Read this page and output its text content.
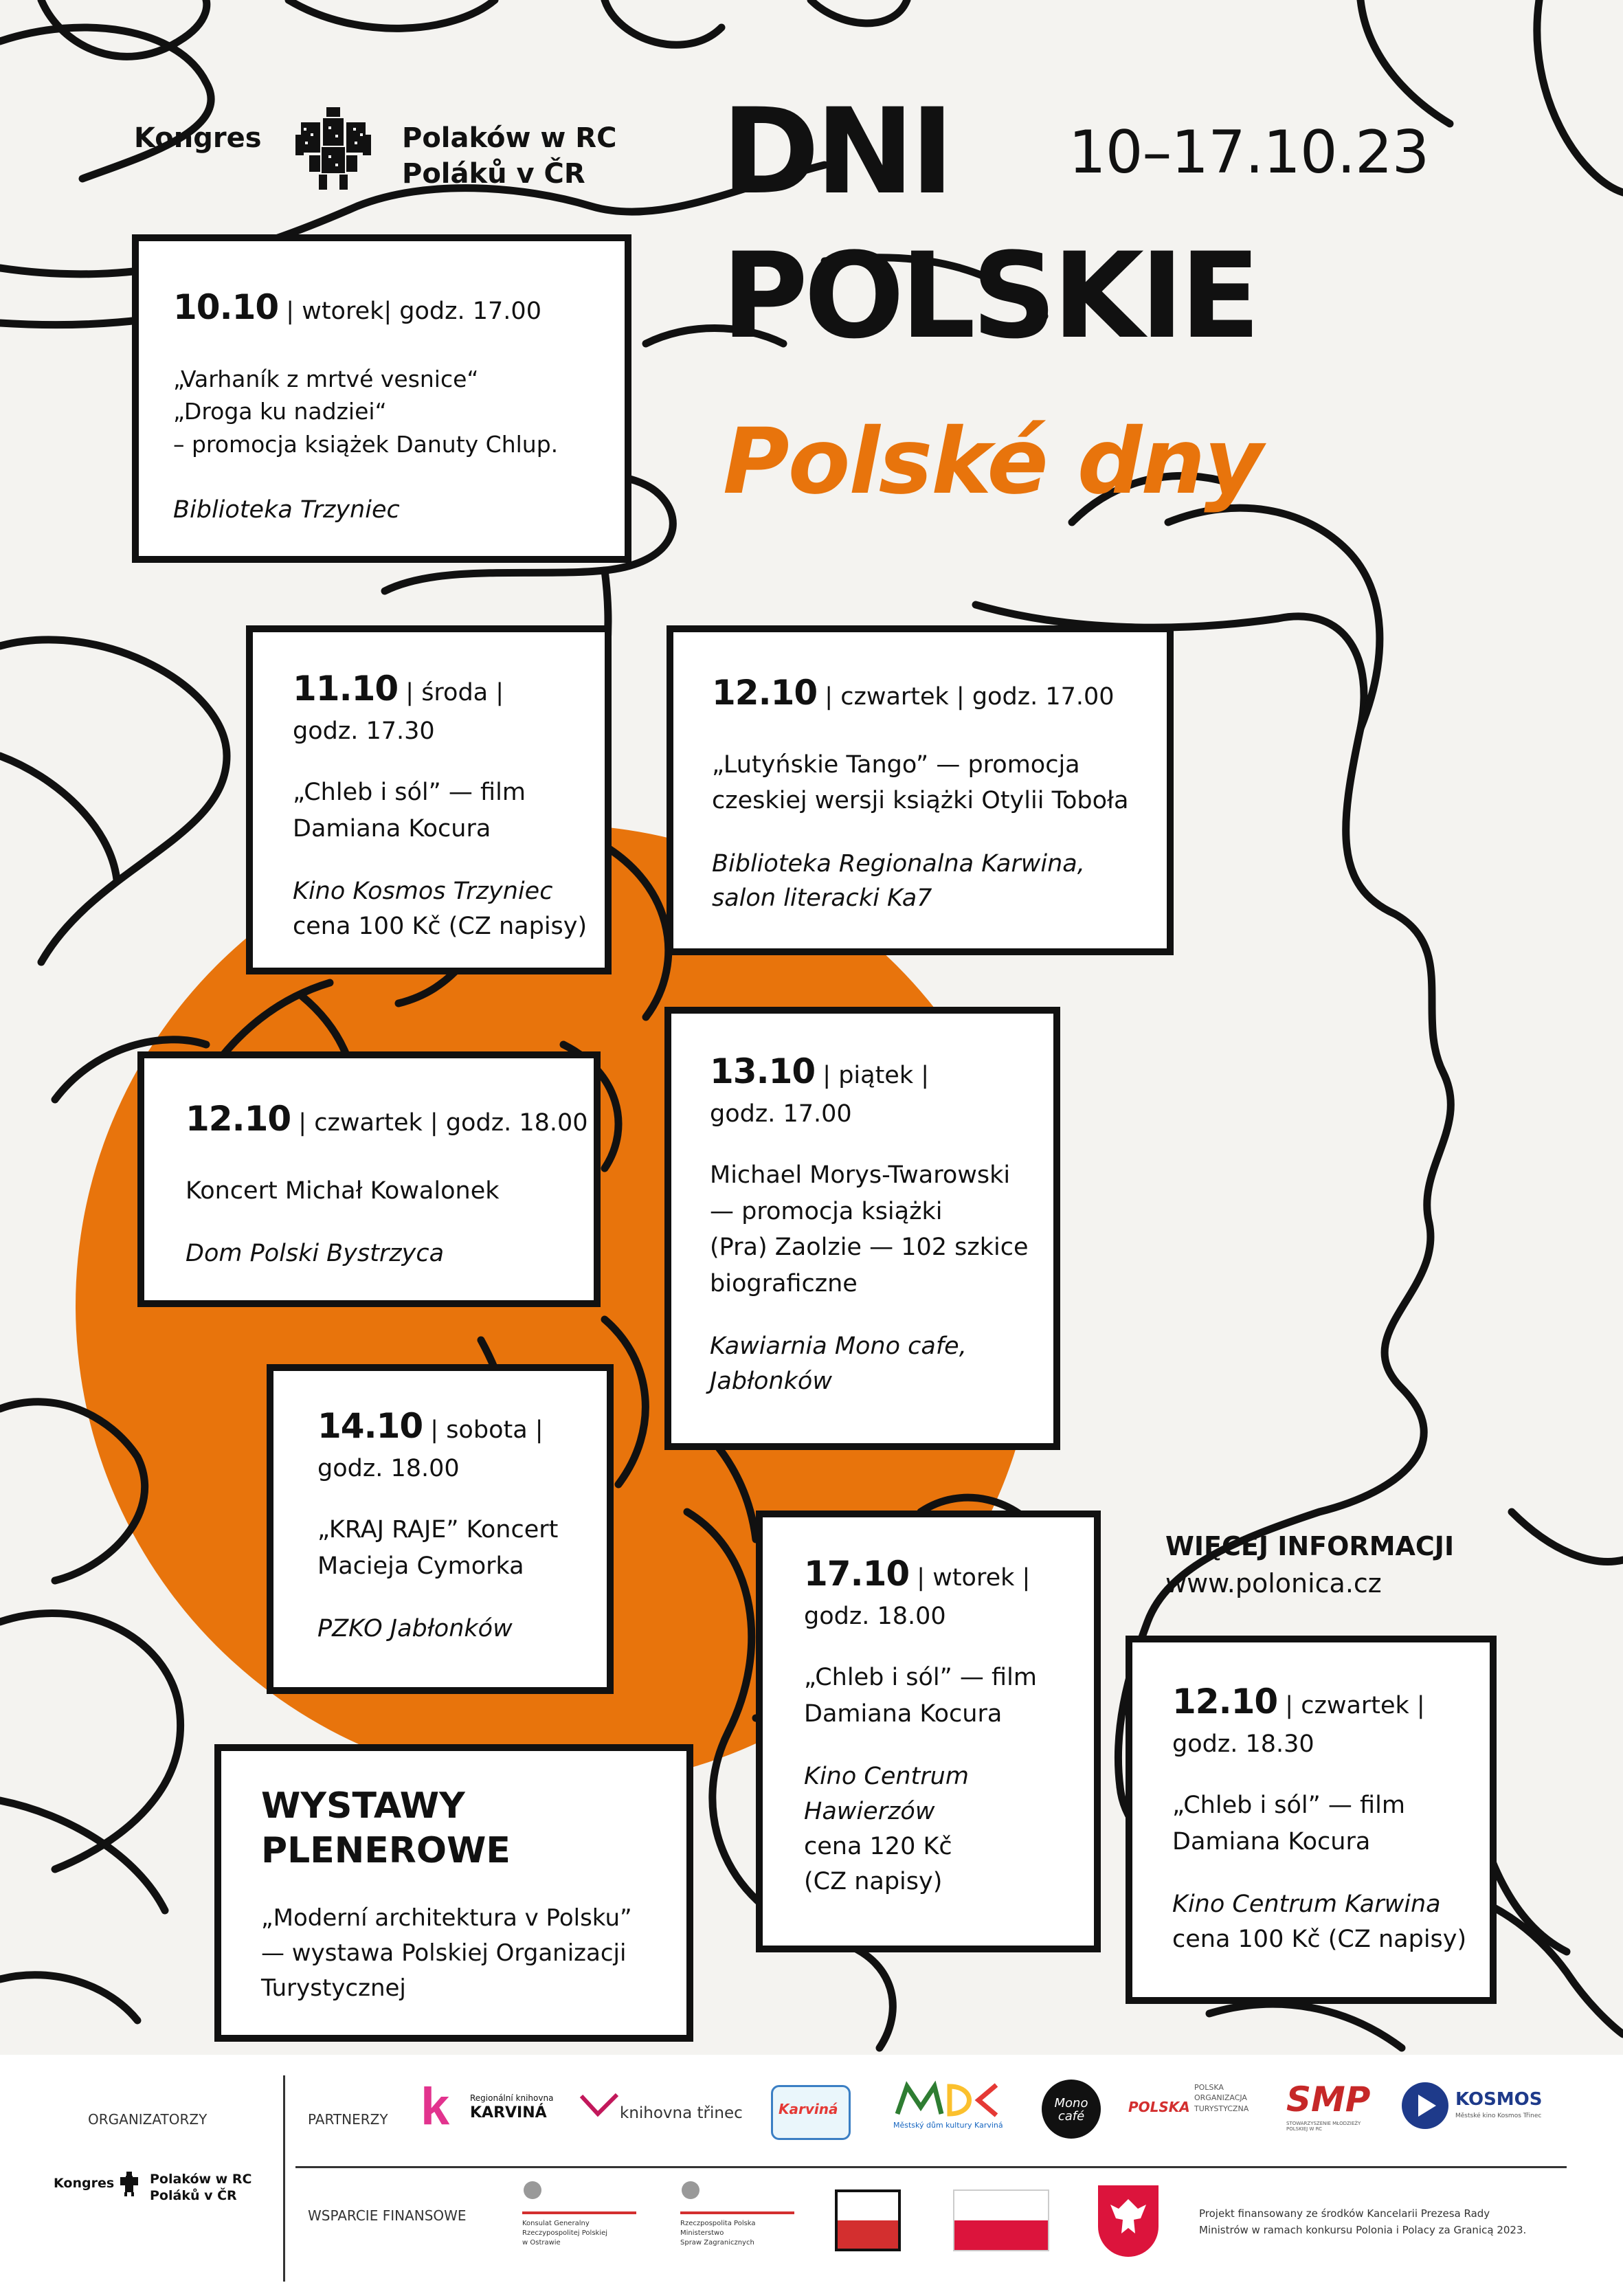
Kongres	Polaków w RC
Poláků v ČR DNI 10–17.10.23
POLSKIE
Polské dny
10.10 | wtorek| godz. 17.00
„Varhaník z mrtvé vesnice“
„Droga ku nadziei“
– promocja książek Danuty Chlup.
Biblioteka Trzyniec
11.10 | środa |
godz. 17.30
„Chleb i sól” — film
Damiana Kocura
Kino Kosmos Trzyniec
cena 100 Kč (CZ napisy)
12.10 | czwartek | godz. 17.00
„Lutyńskie Tango” — promocja
czeskiej wersji książki Otylii Toboła
Biblioteka Regionalna Karwina,
salon literacki Ka7
12.10 | czwartek | godz. 18.00
Koncert Michał Kowalonek
Dom Polski Bystrzyca
13.10 | piątek |
godz. 17.00
Michael Morys-Twarowski
— promocja książki
(Pra) Zaolzie — 102 szkice
biograficzne
Kawiarnia Mono cafe,
Jabłonków
14.10 | sobota |
godz. 18.00
„KRAJ RAJE” Koncert
Macieja Cymorka
PZKO Jabłonków
WYSTAWY
PLENEROWE
„Moderní architektura v Polsku”
— wystawa Polskiej Organizacji
Turystycznej
17.10 | wtorek |
godz. 18.00
„Chleb i sól” — film
Damiana Kocura
Kino Centrum
Hawierzów
cena 120 Kč
(CZ napisy)
WIĘCEJ INFORMACJI
www.polonica.cz
12.10 | czwartek |
godz. 18.30
„Chleb i sól” — film
Damiana Kocura
Kino Centrum Karwina
cena 100 Kč (CZ napisy)
ORGANIZATORZY	PARTNERZY
WSPARCIE FINANSOWE
Kongres	Polaków w RC
Poláků v ČR
k Regionální knihovna
KARVINÁ	knihovna třinec	Karviná
Městský dům kultury Karviná
Mono café
POLSKA
POLSKA ORGANIZACJA TURYSTYCZNA	SMP
STOWARZYSZENIE MŁODZIEŻY POLSKIEJ W RC
KOSMOS
Městské kino Kosmos Třinec
Konsulat Generalny
Rzeczypospolitej Polskiej
w Ostrawie
Rzeczpospolita Polska
Ministerstwo
Spraw Zagranicznych
Projekt finansowany ze środków Kancelarii Prezesa Rady
Ministrów w ramach konkursu Polonia i Polacy za Granicą 2023.
